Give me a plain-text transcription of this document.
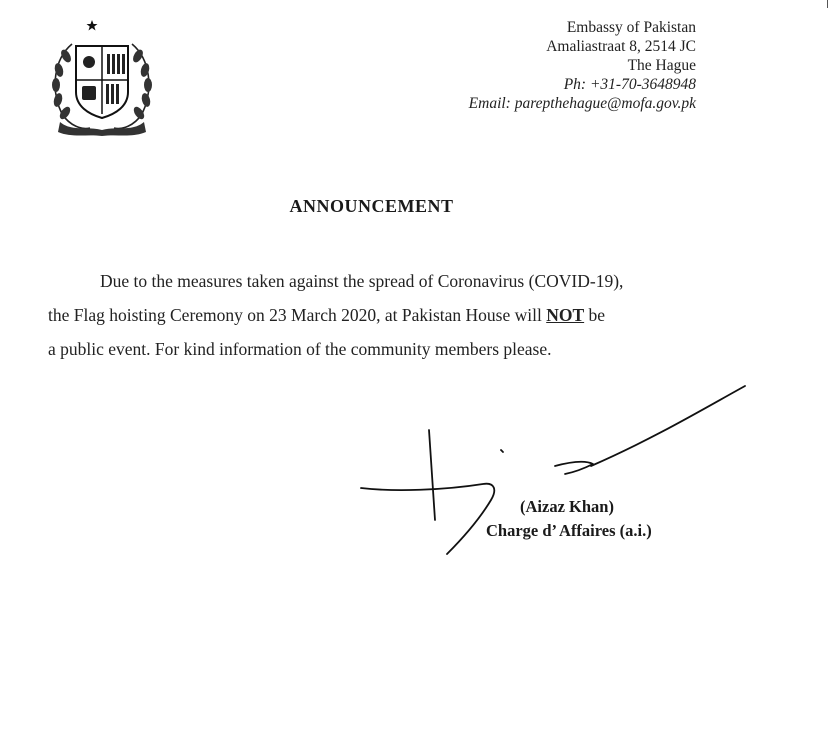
Embassy of Pakistan
Amaliastraat 8, 2514 JC
The Hague
Ph: +31-70-3648948
Email: parepthehague@mofa.gov.pk
ANNOUNCEMENT
Due to the measures taken against the spread of Coronavirus (COVID-19),
the Flag hoisting Ceremony on 23 March 2020, at Pakistan House will NOT be
a public event. For kind information of the community members please.
(Aizaz Khan)
Charge d’ Affaires (a.i.)
